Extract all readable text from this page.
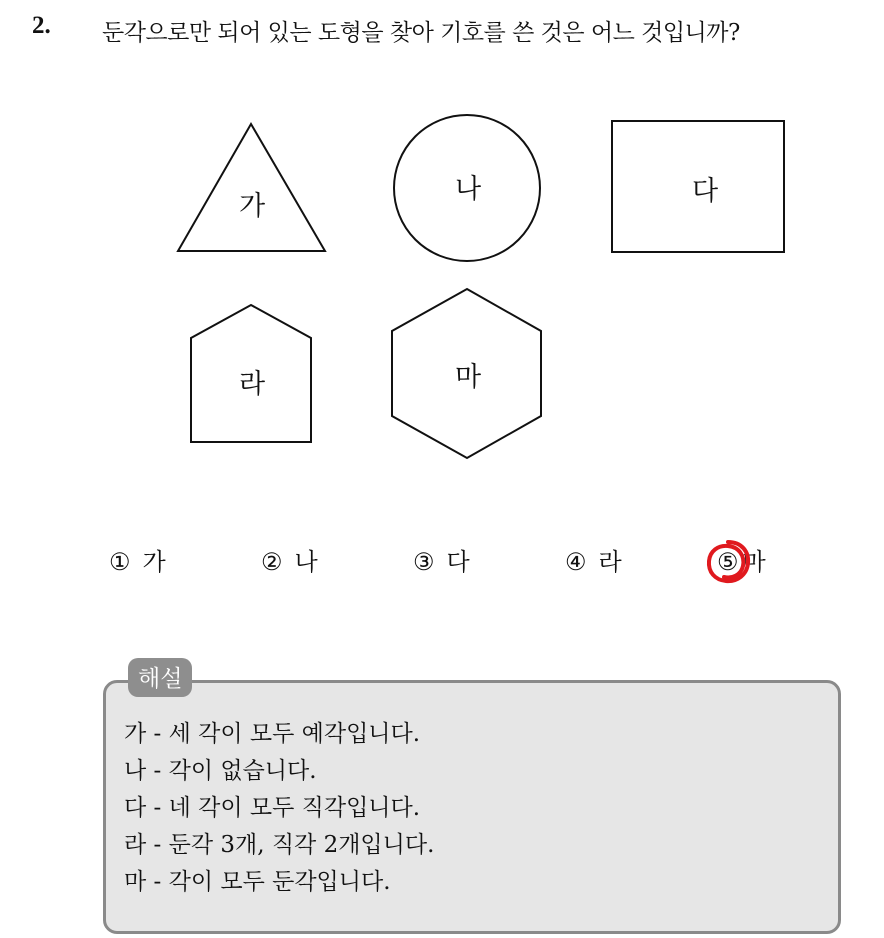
2. 둔각으로만 되어 있는 도형을 찾아 기호를 쓴 것은 어느 것입니까?
가
나	다
라	마
① 가	② 나	③ 다	④ 라	⑤ 마
해설
가 - 세 각이 모두 예각입니다.
나 - 각이 없습니다.
다 - 네 각이 모두 직각입니다.
라 - 둔각 3개, 직각 2개입니다.
마 - 각이 모두 둔각입니다.
